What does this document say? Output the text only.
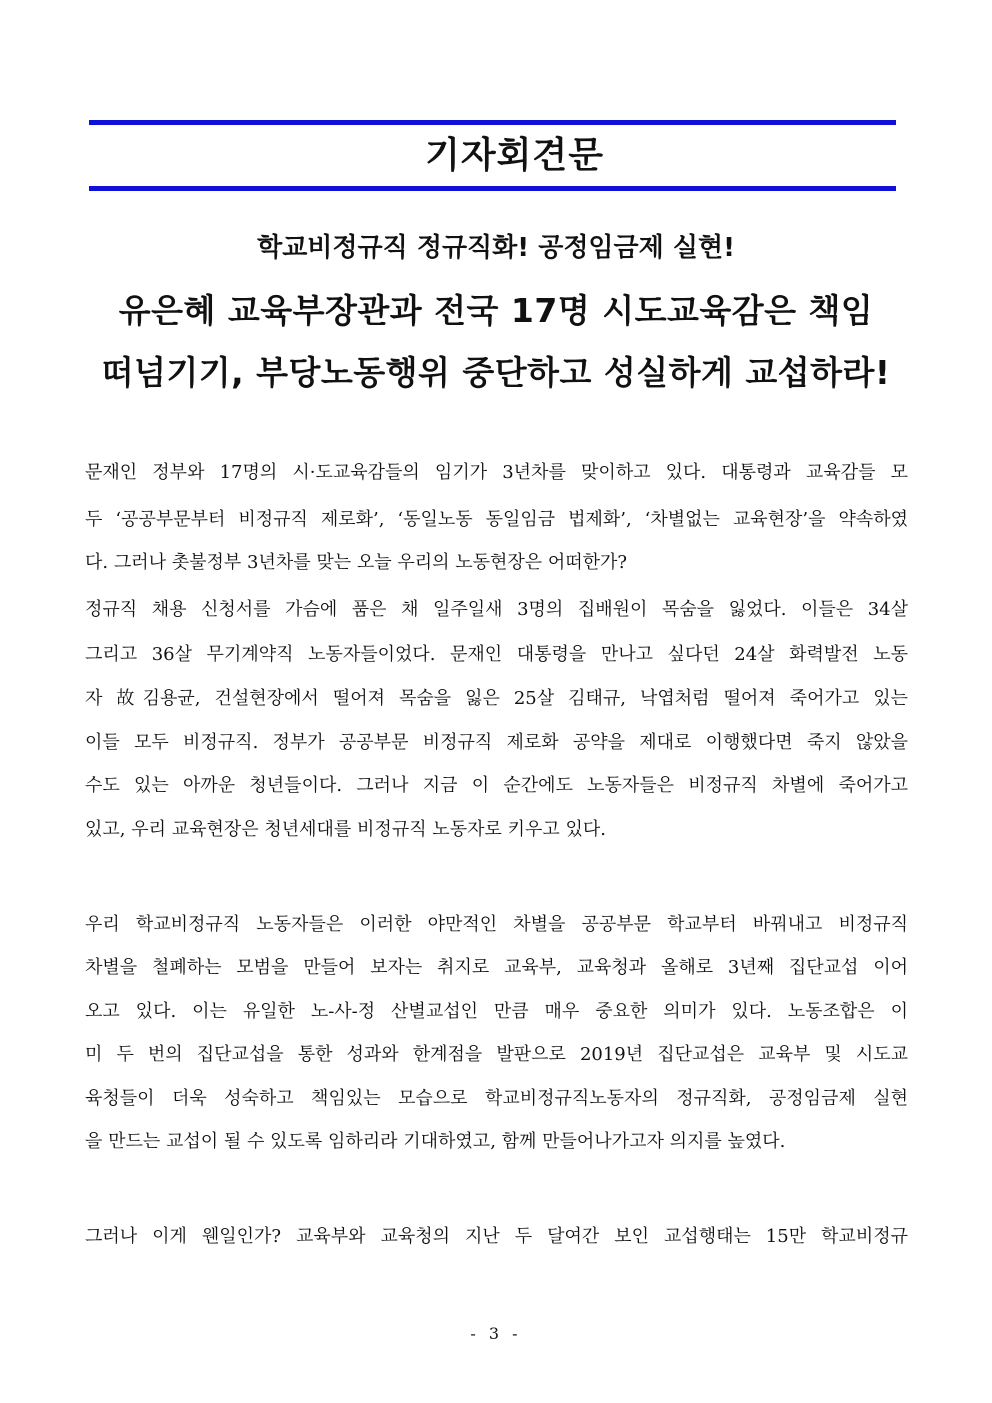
기자회견문
학교비정규직 정규직화! 공정임금제 실현!
유은혜 교육부장관과 전국 17명 시도교육감은 책임
떠넘기기, 부당노동행위 중단하고 성실하게 교섭하라!
문재인 정부와 17명의 시·도교육감들의 임기가 3년차를 맞이하고 있다. 대통령과 교육감들 모
두 ‘공공부문부터 비정규직 제로화’, ‘동일노동 동일임금 법제화’, ‘차별없는 교육현장’을 약속하였
다. 그러나 촛불정부 3년차를 맞는 오늘 우리의 노동현장은 어떠한가?
정규직 채용 신청서를 가슴에 품은 채 일주일새 3명의 집배원이 목숨을 잃었다. 이들은 34살
그리고 36살 무기계약직 노동자들이었다. 문재인 대통령을 만나고 싶다던 24살 화력발전 노동
자 故김용균, 건설현장에서 떨어져 목숨을 잃은 25살 김태규, 낙엽처럼 떨어져 죽어가고 있는
이들 모두 비정규직. 정부가 공공부문 비정규직 제로화 공약을 제대로 이행했다면 죽지 않았을
수도 있는 아까운 청년들이다. 그러나 지금 이 순간에도 노동자들은 비정규직 차별에 죽어가고
있고, 우리 교육현장은 청년세대를 비정규직 노동자로 키우고 있다.
우리 학교비정규직 노동자들은 이러한 야만적인 차별을 공공부문 학교부터 바꿔내고 비정규직
차별을 철폐하는 모범을 만들어 보자는 취지로 교육부, 교육청과 올해로 3년째 집단교섭 이어
오고 있다. 이는 유일한 노-사-정 산별교섭인 만큼 매우 중요한 의미가 있다. 노동조합은 이
미 두 번의 집단교섭을 통한 성과와 한계점을 발판으로 2019년 집단교섭은 교육부 및 시도교
육청들이 더욱 성숙하고 책임있는 모습으로 학교비정규직노동자의 정규직화, 공정임금제 실현
을 만드는 교섭이 될 수 있도록 임하리라 기대하였고, 함께 만들어나가고자 의지를 높였다.
그러나 이게 웬일인가? 교육부와 교육청의 지난 두 달여간 보인 교섭행태는 15만 학교비정규
- 3 -
